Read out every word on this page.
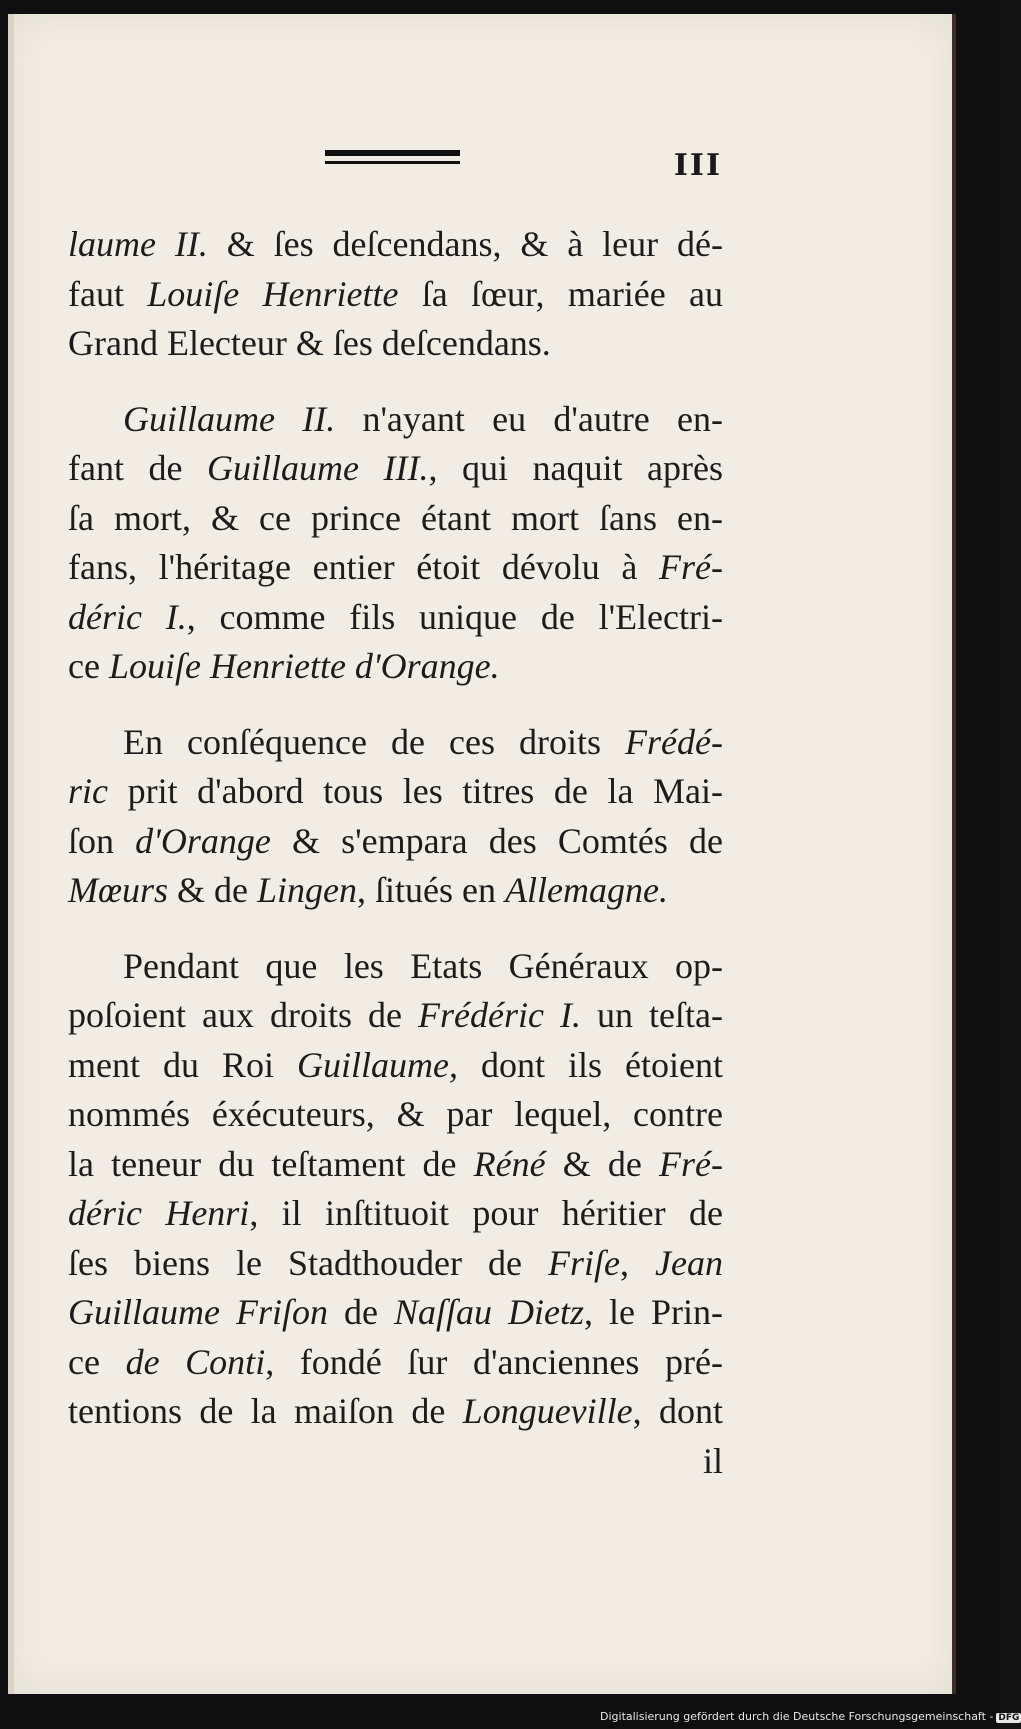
III
laume II. & ſes deſcendans, & à leur dé-
faut Louiſe Henriette ſa ſœur, mariée au
Grand Electeur & ſes deſcendans.
Guillaume II. n'ayant eu d'autre en-
fant de Guillaume III., qui naquit après
ſa mort, & ce prince étant mort ſans en-
fans, l'héritage entier étoit dévolu à Fré-
déric I., comme fils unique de l'Electri-
ce Louiſe Henriette d'Orange.
En conſéquence de ces droits Frédé-
ric prit d'abord tous les titres de la Mai-
ſon d'Orange & s'empara des Comtés de
Mœurs & de Lingen, ſitués en Allemagne.
Pendant que les Etats Généraux op-
poſoient aux droits de Frédéric I. un teſta-
ment du Roi Guillaume, dont ils étoient
nommés éxécuteurs, & par lequel, contre
la teneur du teſtament de Réné & de Fré-
déric Henri, il inſtituoit pour héritier de
ſes biens le Stadthouder de Friſe, Jean
Guillaume Friſon de Naſſau Dietz, le Prin-
ce de Conti, fondé ſur d'anciennes pré-
tentions de la maiſon de Longueville, dont
il
Digitalisierung gefördert durch die Deutsche Forschungsgemeinschaft - DFG
